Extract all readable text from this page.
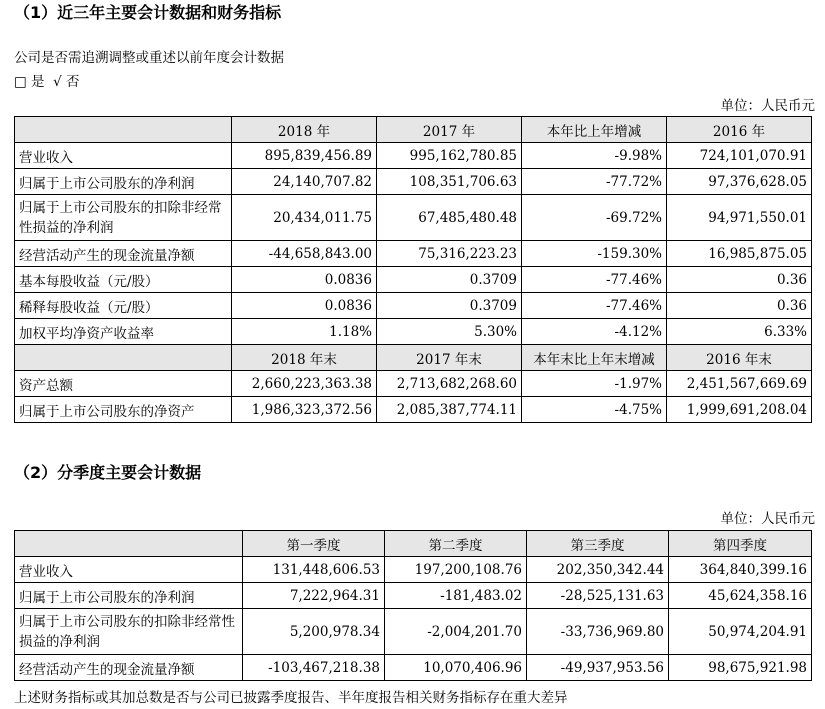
（1）近三年主要会计数据和财务指标
公司是否需追溯调整或重述以前年度会计数据
□ 是 √ 否
单位：人民币元
	2018 年	2017 年	本年比上年增减	2016 年
营业收入	895,839,456.89	995,162,780.85	-9.98%	724,101,070.91
归属于上市公司股东的净利润	24,140,707.82	108,351,706.63	-77.72%	97,376,628.05
归属于上市公司股东的扣除非经常性损益的净利润	20,434,011.75	67,485,480.48	-69.72%	94,971,550.01
经营活动产生的现金流量净额	-44,658,843.00	75,316,223.23	-159.30%	16,985,875.05
基本每股收益（元/股）	0.0836	0.3709	-77.46%	0.36
稀释每股收益（元/股）	0.0836	0.3709	-77.46%	0.36
加权平均净资产收益率	1.18%	5.30%	-4.12%	6.33%
	2018 年末	2017 年末	本年末比上年末增减	2016 年末
资产总额	2,660,223,363.38	2,713,682,268.60	-1.97%	2,451,567,669.69
归属于上市公司股东的净资产	1,986,323,372.56	2,085,387,774.11	-4.75%	1,999,691,208.04
（2）分季度主要会计数据
单位：人民币元
	第一季度	第二季度	第三季度	第四季度
营业收入	131,448,606.53	197,200,108.76	202,350,342.44	364,840,399.16
归属于上市公司股东的净利润	7,222,964.31	-181,483.02	-28,525,131.63	45,624,358.16
归属于上市公司股东的扣除非经常性损益的净利润	5,200,978.34	-2,004,201.70	-33,736,969.80	50,974,204.91
经营活动产生的现金流量净额	-103,467,218.38	10,070,406.96	-49,937,953.56	98,675,921.98
上述财务指标或其加总数是否与公司已披露季度报告、半年度报告相关财务指标存在重大差异
